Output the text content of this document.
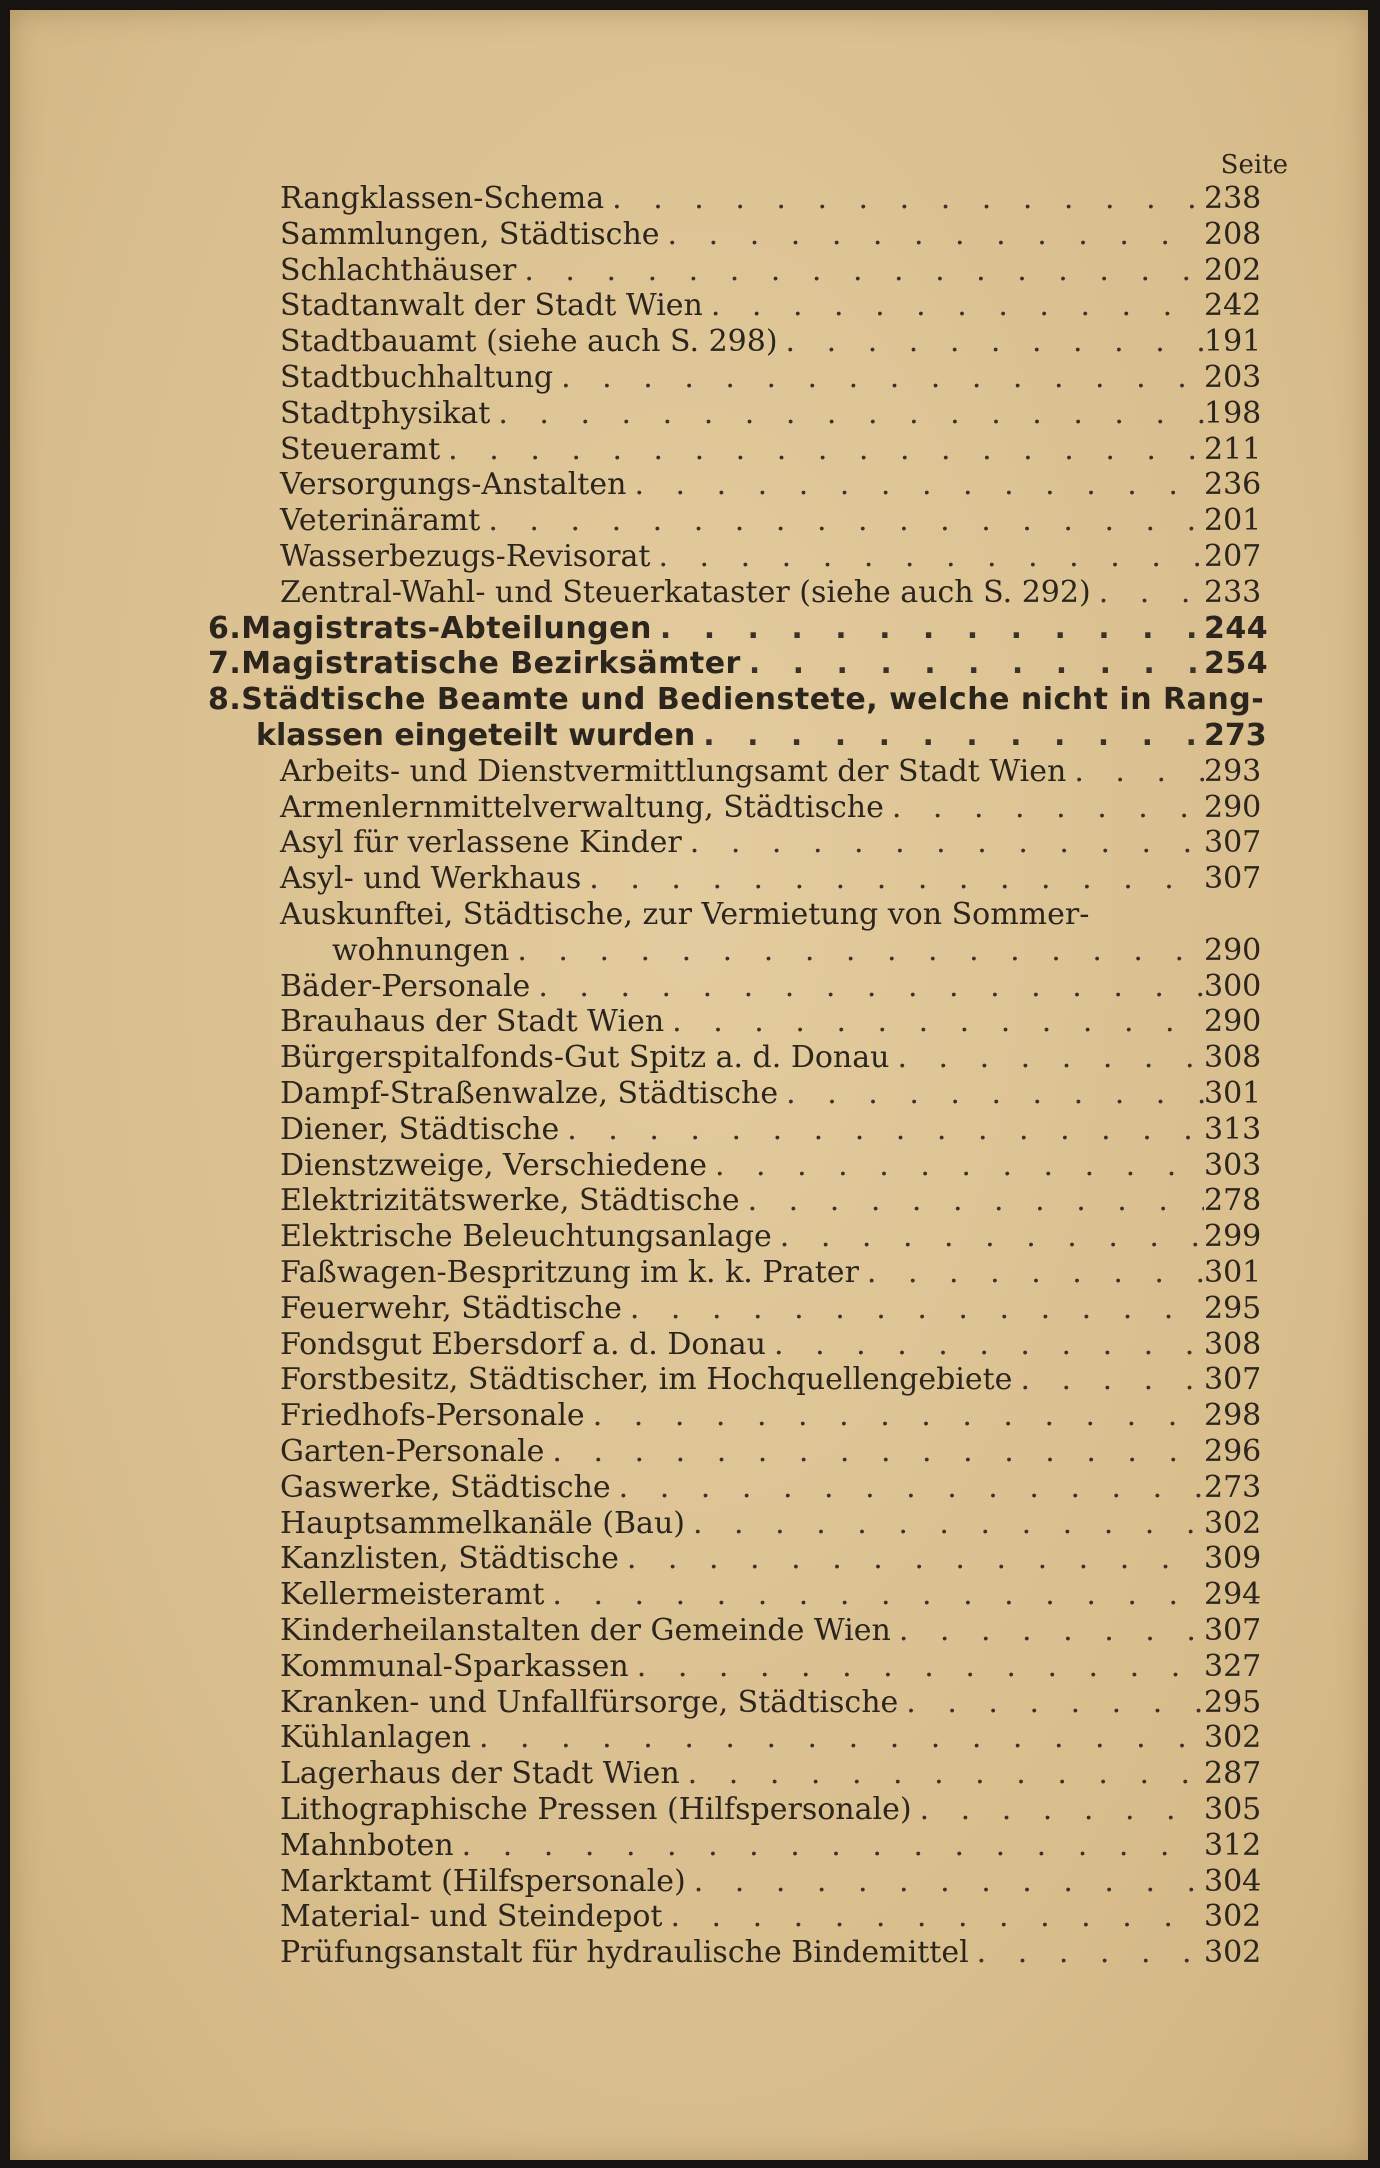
Seite
Rangklassen-Schema . . .	238
Sammlungen, Städtische . . .	208
Schlachthäuser . . .	202
Stadtanwalt der Stadt Wien . . .	242
Stadtbauamt (siehe auch S. 298) . . .	191
Stadtbuchhaltung . . .	203
Stadtphysikat . . .	198
Steueramt . . .	211
Versorgungs-Anstalten . . .	236
Veterinäramt . . .	201
Wasserbezugs-Revisorat . . .	207
Zentral-Wahl- und Steuerkataster (siehe auch S. 292) . . .	233
6. Magistrats-Abteilungen . . .	244
7. Magistratische Bezirksämter . . .	254
8. Städtische Beamte und Bedienstete, welche nicht in Rang-
klassen eingeteilt wurden . . .	273
Arbeits- und Dienstvermittlungsamt der Stadt Wien . . .	293
Armenlernmittelverwaltung, Städtische . . .	290
Asyl für verlassene Kinder . . .	307
Asyl- und Werkhaus . . .	307
Auskunftei, Städtische, zur Vermietung von Sommer-
wohnungen . . .	290
Bäder-Personale . . .	300
Brauhaus der Stadt Wien . . .	290
Bürgerspitalfonds-Gut Spitz a. d. Donau . . .	308
Dampf-Straßenwalze, Städtische . . .	301
Diener, Städtische . . .	313
Dienstzweige, Verschiedene . . .	303
Elektrizitätswerke, Städtische . . .	278
Elektrische Beleuchtungsanlage . . .	299
Faßwagen-Bespritzung im k. k. Prater . . .	301
Feuerwehr, Städtische . . .	295
Fondsgut Ebersdorf a. d. Donau . . .	308
Forstbesitz, Städtischer, im Hochquellengebiete . . .	307
Friedhofs-Personale . . .	298
Garten-Personale . . .	296
Gaswerke, Städtische . . .	273
Hauptsammelkanäle (Bau) . . .	302
Kanzlisten, Städtische . . .	309
Kellermeisteramt . . .	294
Kinderheilanstalten der Gemeinde Wien . . .	307
Kommunal-Sparkassen . . .	327
Kranken- und Unfallfürsorge, Städtische . . .	295
Kühlanlagen . . .	302
Lagerhaus der Stadt Wien . . .	287
Lithographische Pressen (Hilfspersonale) . . .	305
Mahnboten . . .	312
Marktamt (Hilfspersonale) . . .	304
Material- und Steindepot . . .	302
Prüfungsanstalt für hydraulische Bindemittel . . .	302
